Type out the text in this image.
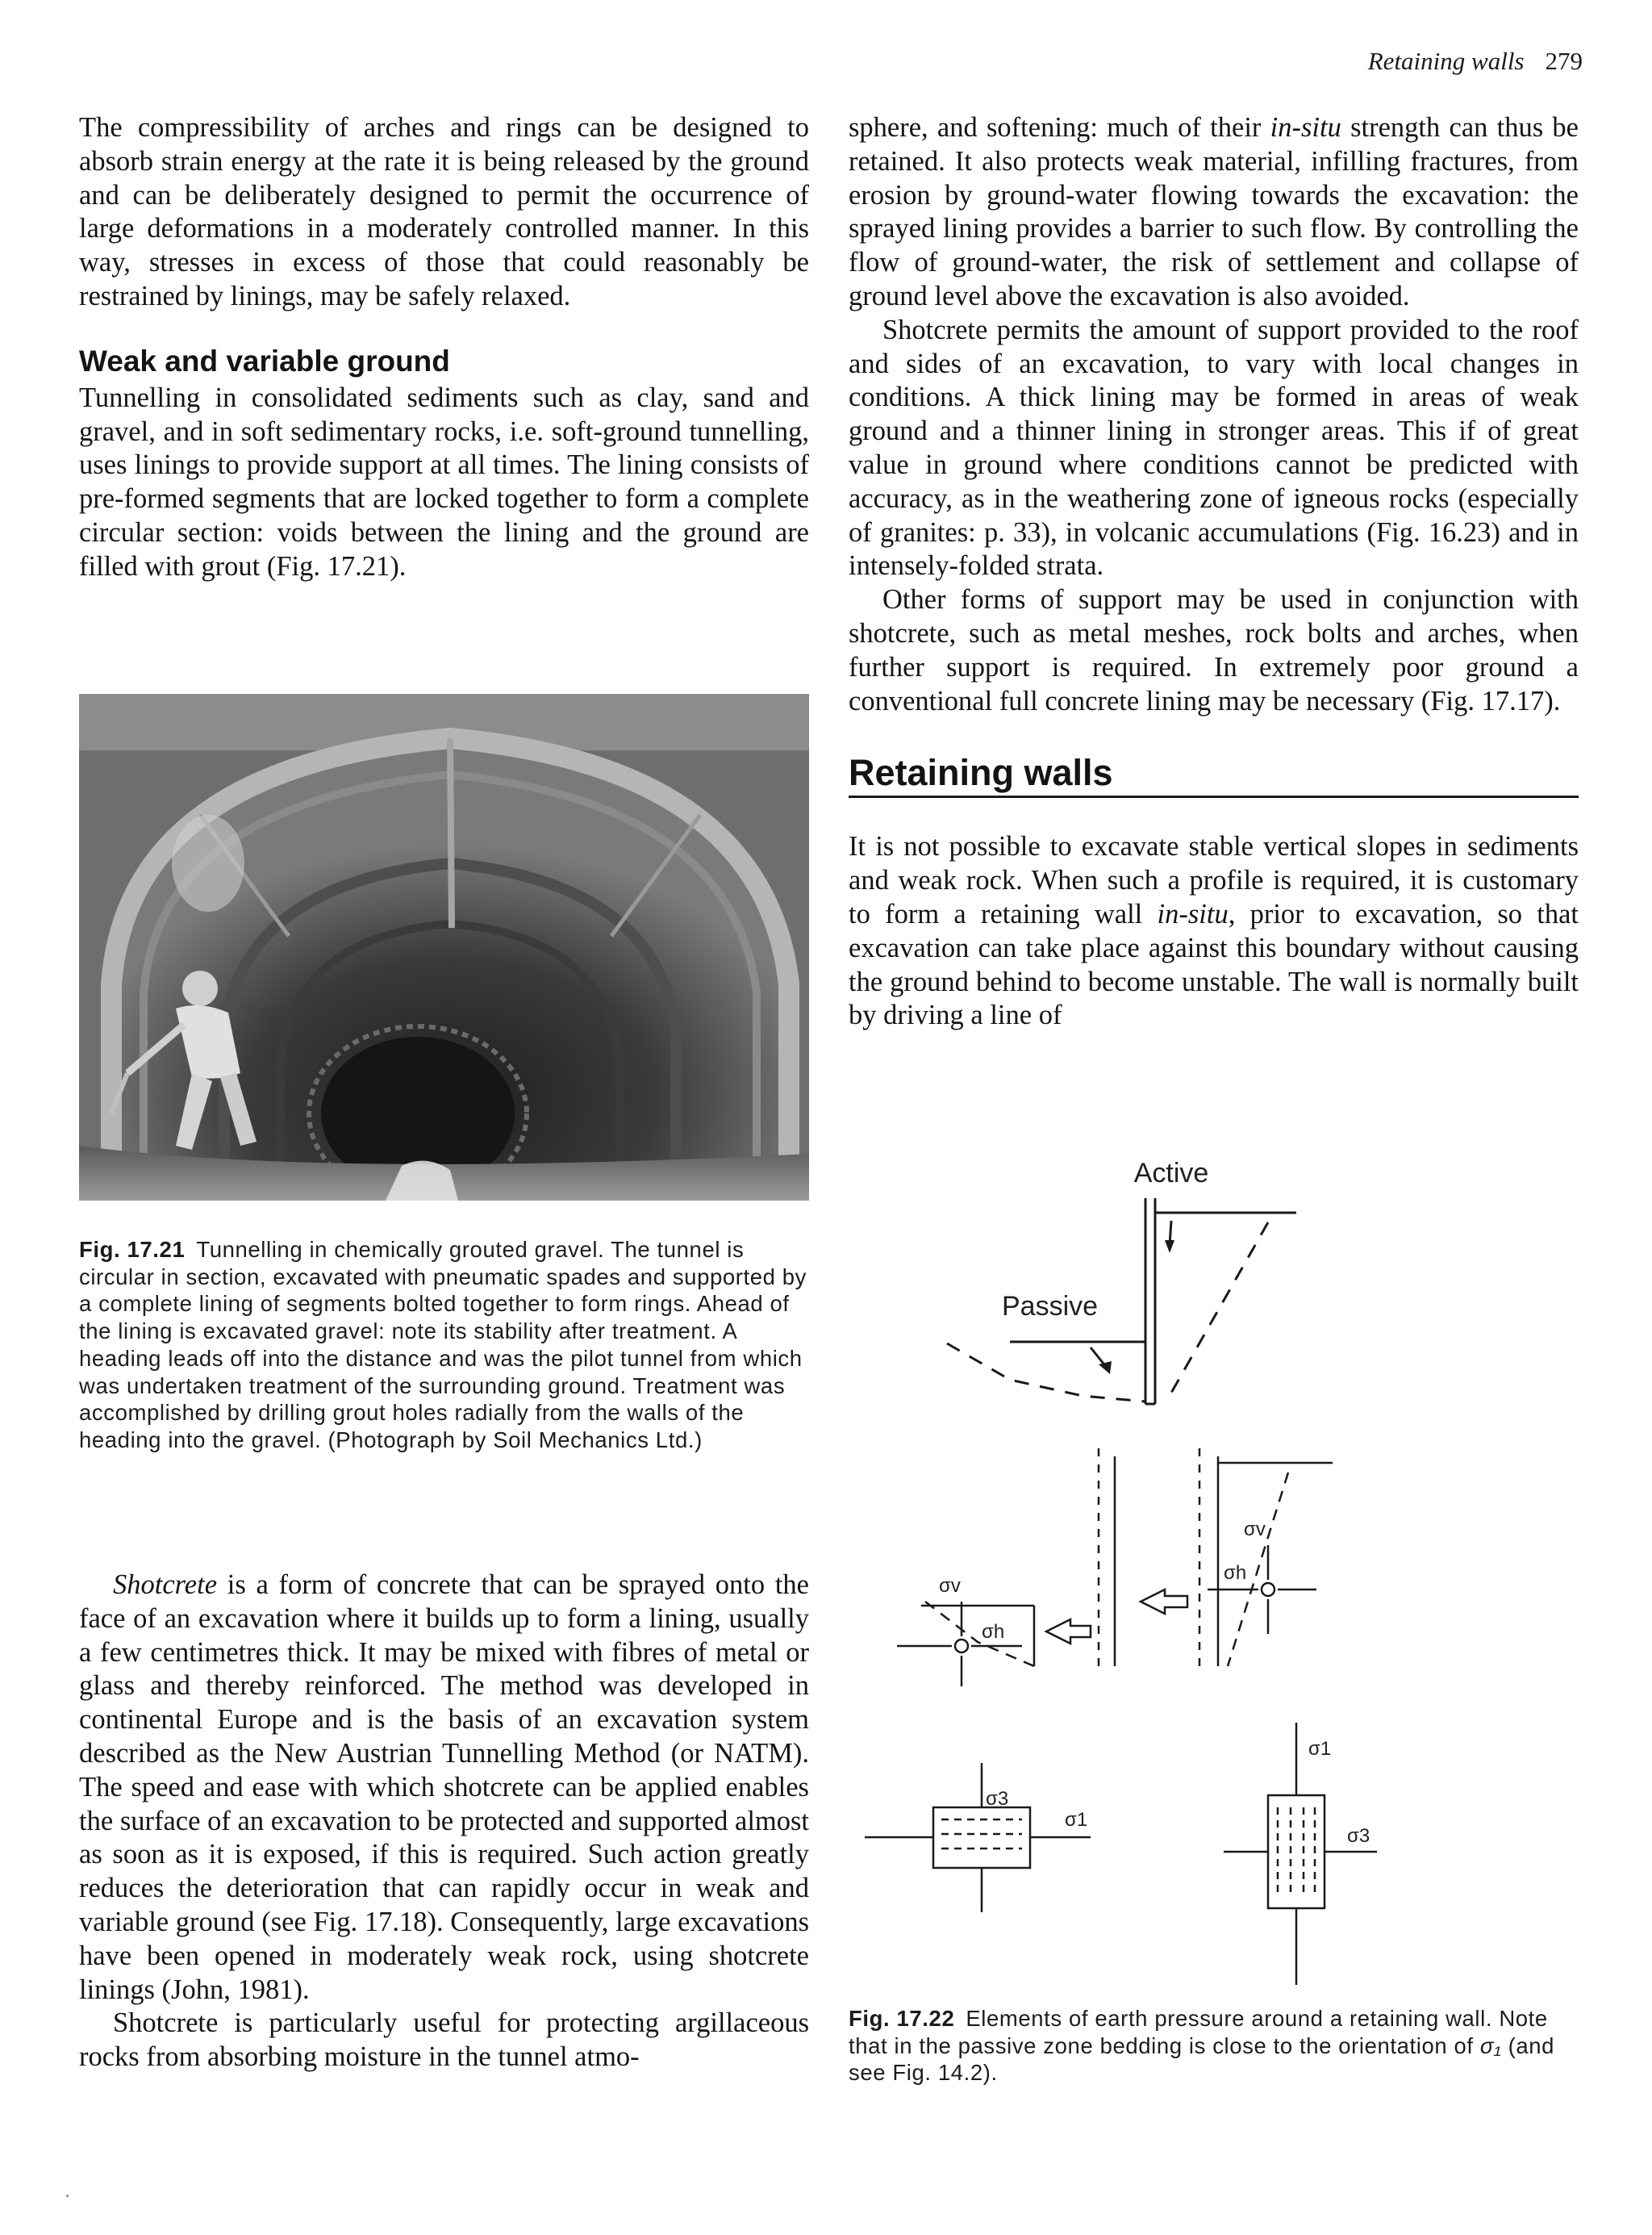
Retaining walls 279

The compressibility of arches and rings can be designed to absorb strain energy at the rate it is being released by the ground and can be deliberately designed to permit the occurrence of large deformations in a moderately controlled manner. In this way, stresses in excess of those that could reasonably be restrained by linings, may be safely relaxed.

Weak and variable ground

Tunnelling in consolidated sediments such as clay, sand and gravel, and in soft sedimentary rocks, i.e. soft-ground tunnelling, uses linings to provide support at all times. The lining consists of pre-formed segments that are locked together to form a complete circular section: voids between the lining and the ground are filled with grout (Fig. 17.21).

Fig. 17.21 Tunnelling in chemically grouted gravel. The tunnel is circular in section, excavated with pneumatic spades and supported by a complete lining of segments bolted together to form rings. Ahead of the lining is excavated gravel: note its stability after treatment. A heading leads off into the distance and was the pilot tunnel from which was undertaken treatment of the surrounding ground. Treatment was accomplished by drilling grout holes radially from the walls of the heading into the gravel. (Photograph by Soil Mechanics Ltd.)

Shotcrete is a form of concrete that can be sprayed onto the face of an excavation where it builds up to form a lining, usually a few centimetres thick. It may be mixed with fibres of metal or glass and thereby reinforced. The method was developed in continental Europe and is the basis of an excavation system described as the New Austrian Tunnelling Method (or NATM). The speed and ease with which shotcrete can be applied enables the surface of an excavation to be protected and supported almost as soon as it is exposed, if this is required. Such action greatly reduces the deterioration that can rapidly occur in weak and variable ground (see Fig. 17.18). Consequently, large excavations have been opened in moderately weak rock, using shotcrete linings (John, 1981).

Shotcrete is particularly useful for protecting argillaceous rocks from absorbing moisture in the tunnel atmo-

sphere, and softening: much of their in-situ strength can thus be retained. It also protects weak material, infilling fractures, from erosion by ground-water flowing towards the excavation: the sprayed lining provides a barrier to such flow. By controlling the flow of ground-water, the risk of settlement and collapse of ground level above the excavation is also avoided.

Shotcrete permits the amount of support provided to the roof and sides of an excavation, to vary with local changes in conditions. A thick lining may be formed in areas of weak ground and a thinner lining in stronger areas. This if of great value in ground where conditions cannot be predicted with accuracy, as in the weathering zone of igneous rocks (especially of granites: p. 33), in volcanic accumulations (Fig. 16.23) and in intensely-folded strata.

Other forms of support may be used in conjunction with shotcrete, such as metal meshes, rock bolts and arches, when further support is required. In extremely poor ground a conventional full concrete lining may be necessary (Fig. 17.17).

Retaining walls

It is not possible to excavate stable vertical slopes in sediments and weak rock. When such a profile is required, it is customary to form a retaining wall in-situ, prior to excavation, so that excavation can take place against this boundary without causing the ground behind to become unstable. The wall is normally built by driving a line of

Active
Passive
σv
σh
σv
σh
σ3
σ1
σ1
σ3
Fig. 17.22 Elements of earth pressure around a retaining wall. Note that in the passive zone bedding is close to the orientation of σ₁ (and see Fig. 14.2).
